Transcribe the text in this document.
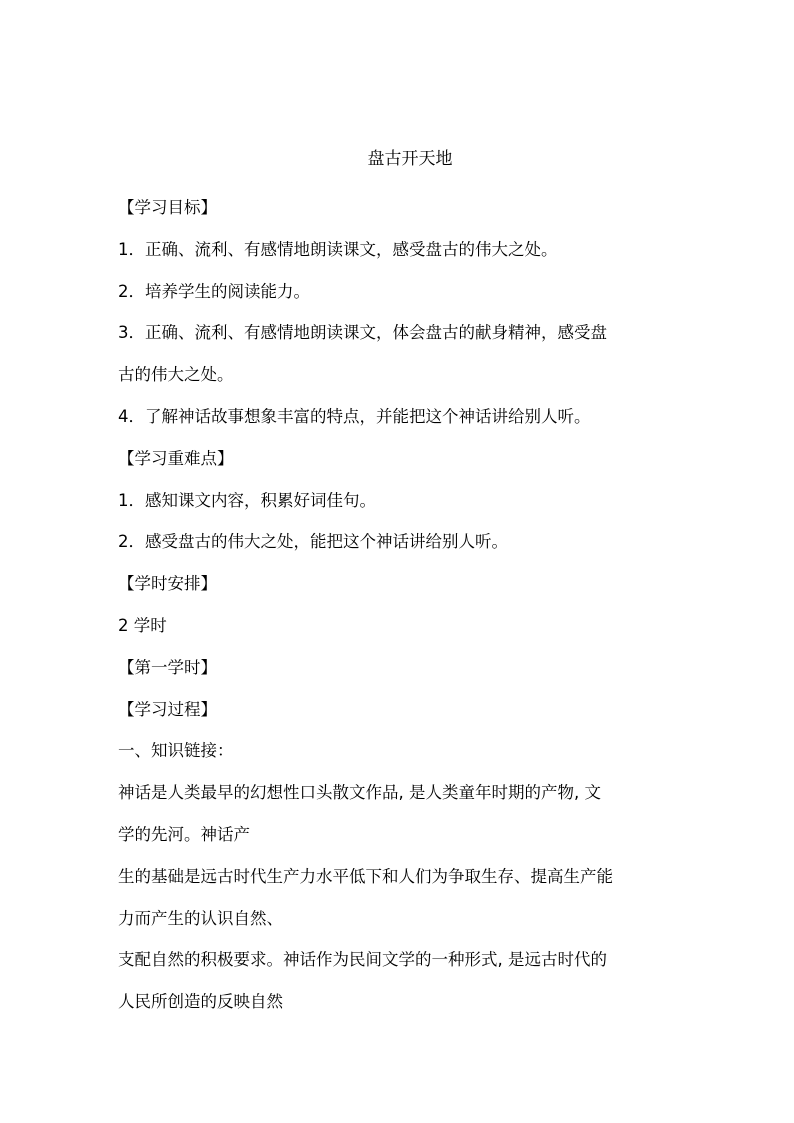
盘古开天地
【学习目标】
1．正确、流利、有感情地朗读课文，感受盘古的伟大之处。
2．培养学生的阅读能力。
3．正确、流利、有感情地朗读课文，体会盘古的献身精神，感受盘
古的伟大之处。
4．了解神话故事想象丰富的特点，并能把这个神话讲给别人听。
【学习重难点】
1．感知课文内容，积累好词佳句。
2．感受盘古的伟大之处，能把这个神话讲给别人听。
【学时安排】
2 学时
【第一学时】
【学习过程】
一、知识链接：
神话是人类最早的幻想性口头散文作品, 是人类童年时期的产物, 文
学的先河。神话产
生的基础是远古时代生产力水平低下和人们为争取生存、提高生产能
力而产生的认识自然、
支配自然的积极要求。神话作为民间文学的一种形式, 是远古时代的
人民所创造的反映自然
